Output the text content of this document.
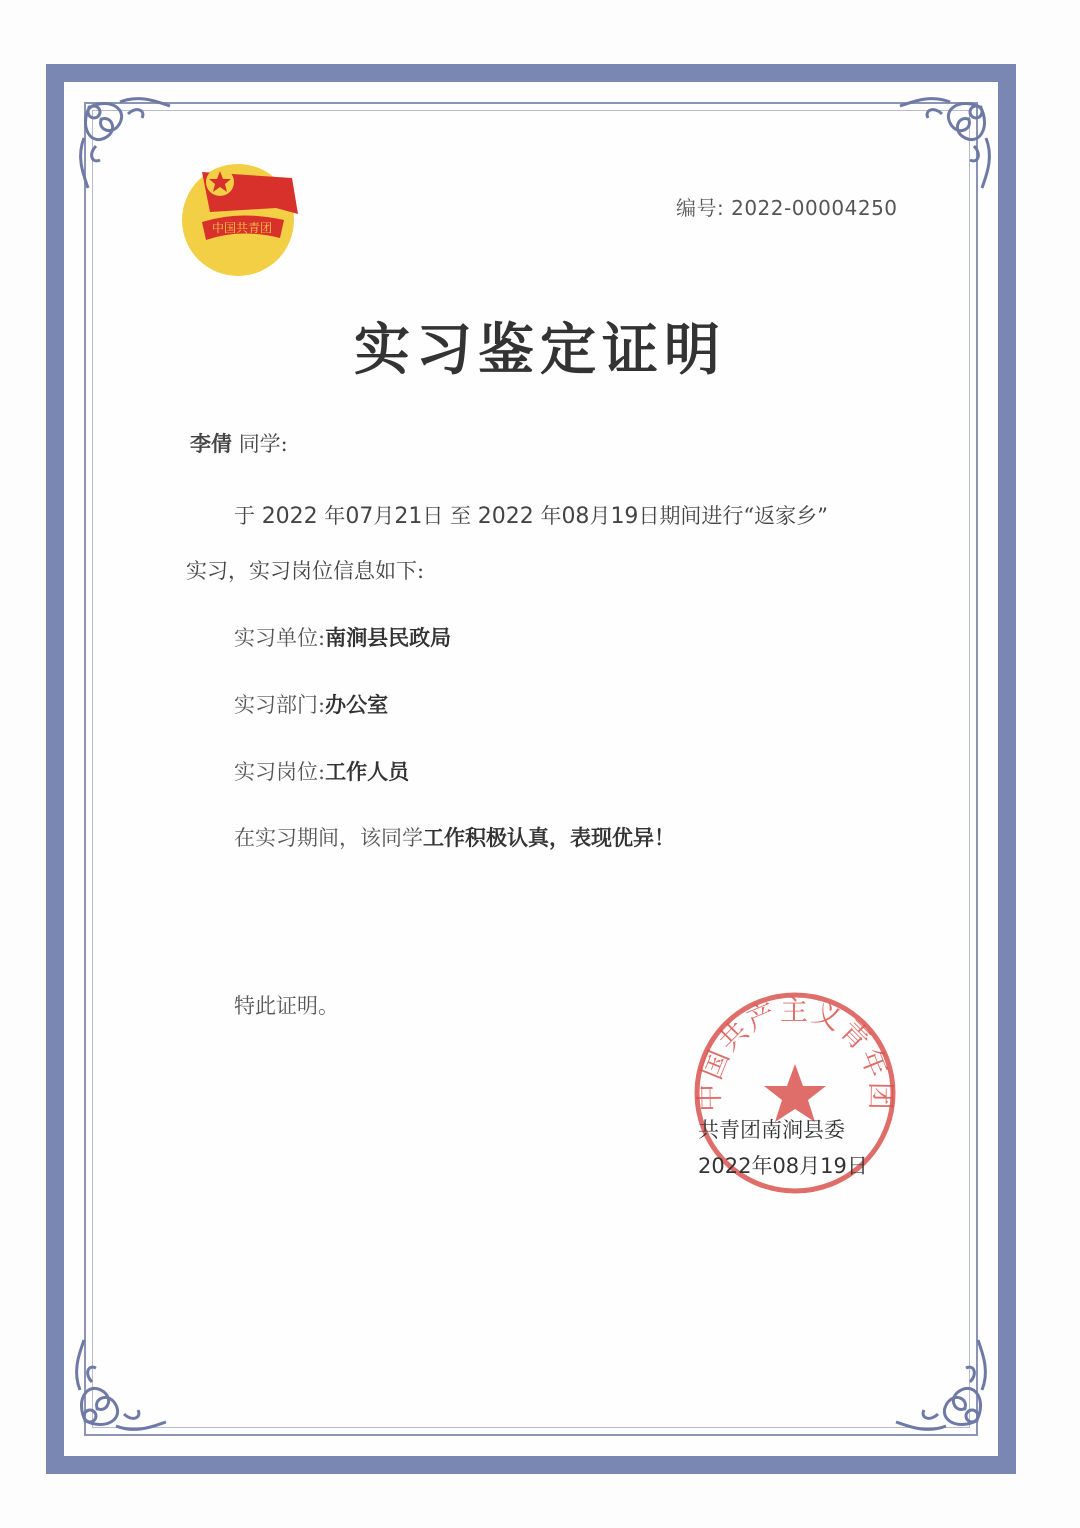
中国共青团
编号: 2022-00004250
实习鉴定证明
李倩 同学:
于 2022 年07月21日 至 2022 年08月19日期间进行“返家乡”
实习，实习岗位信息如下:
实习单位:南涧县民政局
实习部门:办公室
实习岗位:工作人员
在实习期间，该同学工作积极认真，表现优异！
特此证明。
中国共产主义青年团
共青团南涧县委
2022年08月19日
